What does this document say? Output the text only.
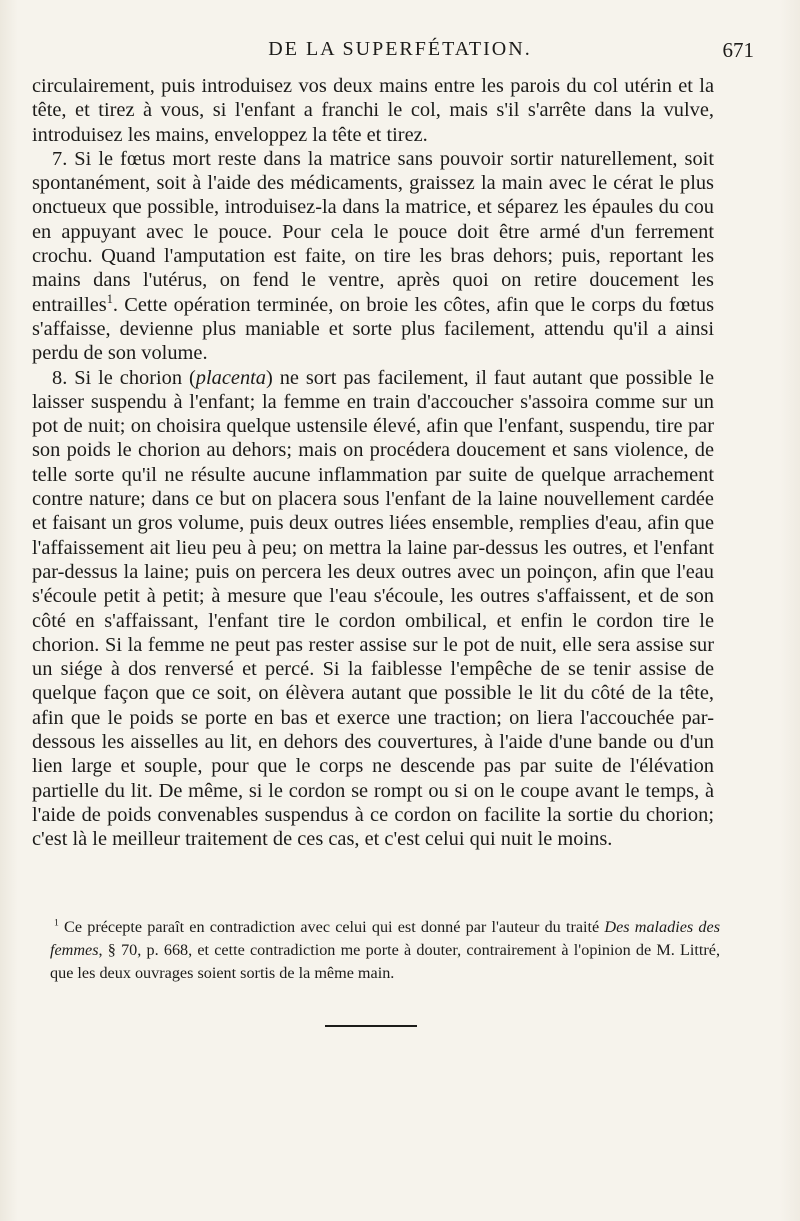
DE LA SUPERFÉTATION.	671

circulairement, puis introduisez vos deux mains entre les parois du col utérin et la tête, et tirez à vous, si l'enfant a franchi le col, mais s'il s'arrête dans la vulve, introduisez les mains, enveloppez la tête et tirez.

7. Si le fœtus mort reste dans la matrice sans pouvoir sortir naturellement, soit spontanément, soit à l'aide des médicaments, graissez la main avec le cérat le plus onctueux que possible, introduisez-la dans la matrice, et séparez les épaules du cou en appuyant avec le pouce. Pour cela le pouce doit être armé d'un ferrement crochu. Quand l'amputation est faite, on tire les bras dehors; puis, reportant les mains dans l'utérus, on fend le ventre, après quoi on retire doucement les entrailles$^1$. Cette opération terminée, on broie les côtes, afin que le corps du fœtus s'affaisse, devienne plus maniable et sorte plus facilement, attendu qu'il a ainsi perdu de son volume.

8. Si le chorion (placenta) ne sort pas facilement, il faut autant que possible le laisser suspendu à l'enfant; la femme en train d'accoucher s'assoira comme sur un pot de nuit; on choisira quelque ustensile élevé, afin que l'enfant, suspendu, tire par son poids le chorion au dehors; mais on procédera doucement et sans violence, de telle sorte qu'il ne résulte aucune inflammation par suite de quelque arrachement contre nature; dans ce but on placera sous l'enfant de la laine nouvellement cardée et faisant un gros volume, puis deux outres liées ensemble, remplies d'eau, afin que l'affaissement ait lieu peu à peu; on mettra la laine par-dessus les outres, et l'enfant par-dessus la laine; puis on percera les deux outres avec un poinçon, afin que l'eau s'écoule petit à petit; à mesure que l'eau s'écoule, les outres s'affaissent, et de son côté en s'affaissant, l'enfant tire le cordon ombilical, et enfin le cordon tire le chorion. Si la femme ne peut pas rester assise sur le pot de nuit, elle sera assise sur un siége à dos renversé et percé. Si la faiblesse l'empêche de se tenir assise de quelque façon que ce soit, on élèvera autant que possible le lit du côté de la tête, afin que le poids se porte en bas et exerce une traction; on liera l'accouchée par-dessous les aisselles au lit, en dehors des couvertures, à l'aide d'une bande ou d'un lien large et souple, pour que le corps ne descende pas par suite de l'élévation partielle du lit. De même, si le cordon se rompt ou si on le coupe avant le temps, à l'aide de poids convenables suspendus à ce cordon on facilite la sortie du chorion; c'est là le meilleur traitement de ces cas, et c'est celui qui nuit le moins.

$^1$ Ce précepte paraît en contradiction avec celui qui est donné par l'auteur du traité Des maladies des femmes, § 70, p. 668, et cette contradiction me porte à douter, contrairement à l'opinion de M. Littré, que les deux ouvrages soient sortis de la même main.
